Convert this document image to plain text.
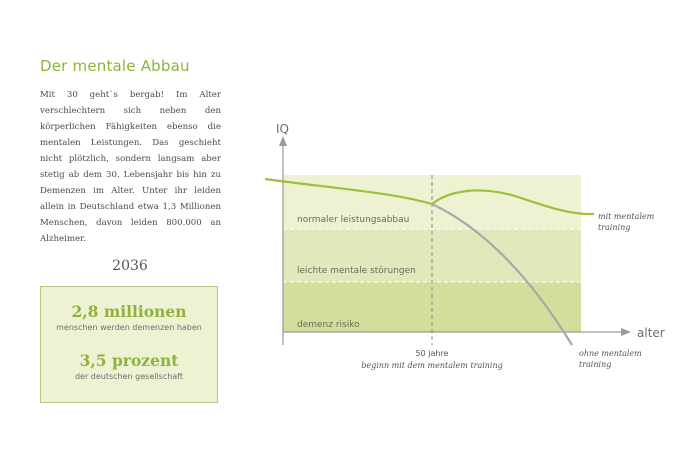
Der mentale Abbau
Mit 30 geht`s bergab! Im Alter verschlechtern sich neben den körperlichen Fähigkeiten ebenso die mentalen Leistungen. Das geschieht nicht plötzlich, sondern langsam aber stetig ab dem 30. Lebensjahr bis hin zu Demenzen im Alter. Unter ihr leiden allein in Deutschland etwa 1,3 Millionen Menschen, davon leiden 800.000 an Alzheimer.
2036
2,8 millionen
menschen werden demenzen haben
3,5 prozent
der deutschen gesellschaft
normaler leistungsabbau
leichte mentale störungen
demenz risiko
IQ
alter
50 jahre
beginn mit dem mentalem training
mit mentalem
training
ohne mentalem
training
